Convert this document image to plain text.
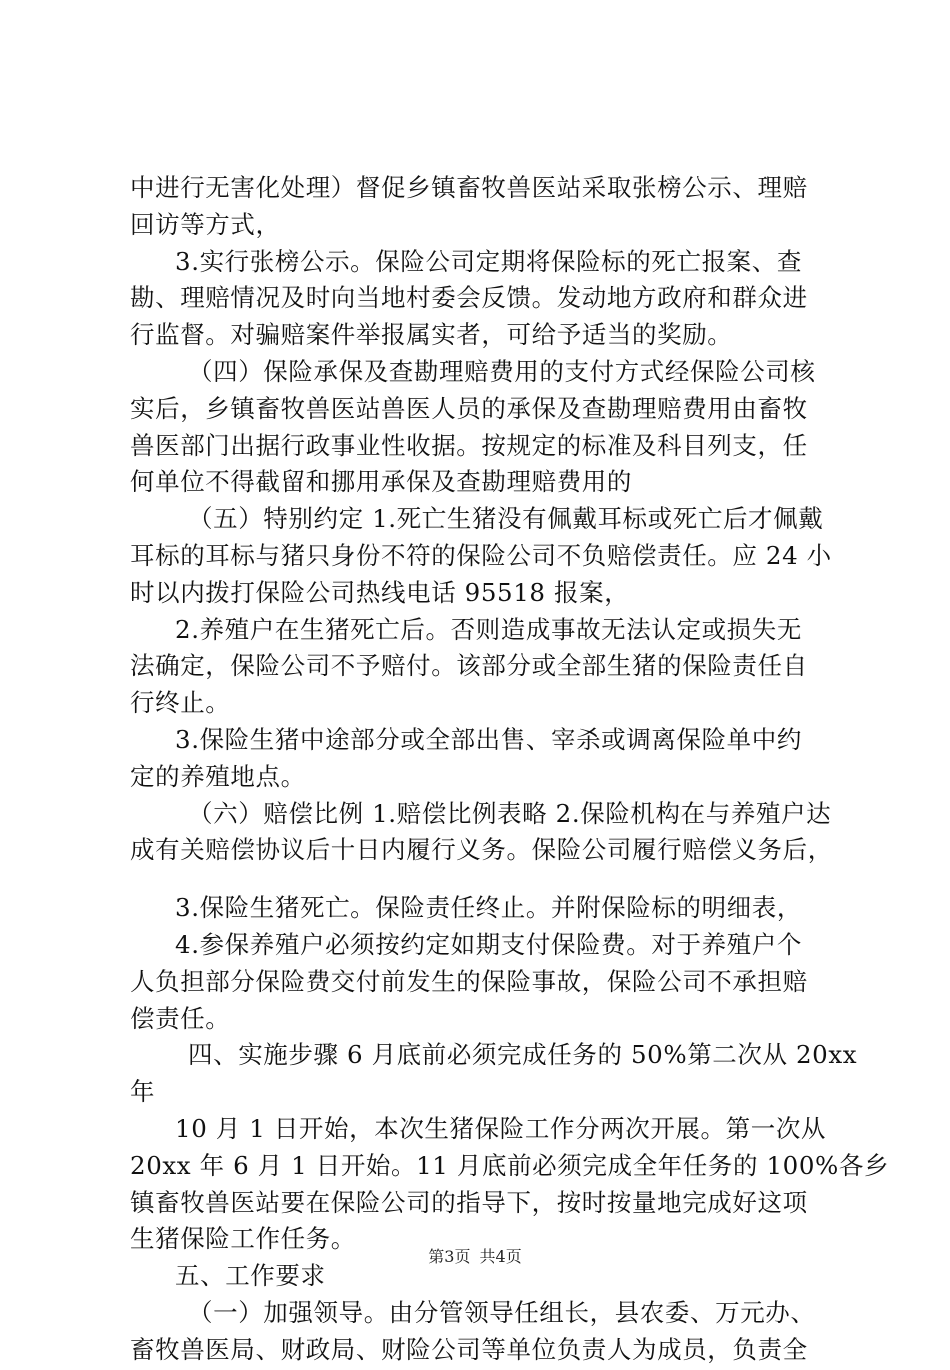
中进行无害化处理）督促乡镇畜牧兽医站采取张榜公示、理赔
回访等方式，
3.实行张榜公示。保险公司定期将保险标的死亡报案、查
勘、理赔情况及时向当地村委会反馈。发动地方政府和群众进
行监督。对骗赔案件举报属实者，可给予适当的奖励。
（四）保险承保及查勘理赔费用的支付方式经保险公司核
实后，乡镇畜牧兽医站兽医人员的承保及查勘理赔费用由畜牧
兽医部门出据行政事业性收据。按规定的标准及科目列支，任
何单位不得截留和挪用承保及查勘理赔费用的
（五）特别约定 1.死亡生猪没有佩戴耳标或死亡后才佩戴
耳标的耳标与猪只身份不符的保险公司不负赔偿责任。应 24 小
时以内拨打保险公司热线电话 95518 报案，
2.养殖户在生猪死亡后。否则造成事故无法认定或损失无
法确定，保险公司不予赔付。该部分或全部生猪的保险责任自
行终止。
3.保险生猪中途部分或全部出售、宰杀或调离保险单中约
定的养殖地点。
（六）赔偿比例 1.赔偿比例表略 2.保险机构在与养殖户达
成有关赔偿协议后十日内履行义务。保险公司履行赔偿义务后，
3.保险生猪死亡。保险责任终止。并附保险标的明细表，
4.参保养殖户必须按约定如期支付保险费。对于养殖户个
人负担部分保险费交付前发生的保险事故，保险公司不承担赔
偿责任。
四、实施步骤 6 月底前必须完成任务的 50%第二次从 20xx
年
10 月 1 日开始，本次生猪保险工作分两次开展。第一次从
20xx 年 6 月 1 日开始。11 月底前必须完成全年任务的 100%各乡
镇畜牧兽医站要在保险公司的指导下，按时按量地完成好这项
生猪保险工作任务。
五、工作要求
（一）加强领导。由分管领导任组长，县农委、万元办、
畜牧兽医局、财政局、财险公司等单位负责人为成员，负责全
第3页 共4页
